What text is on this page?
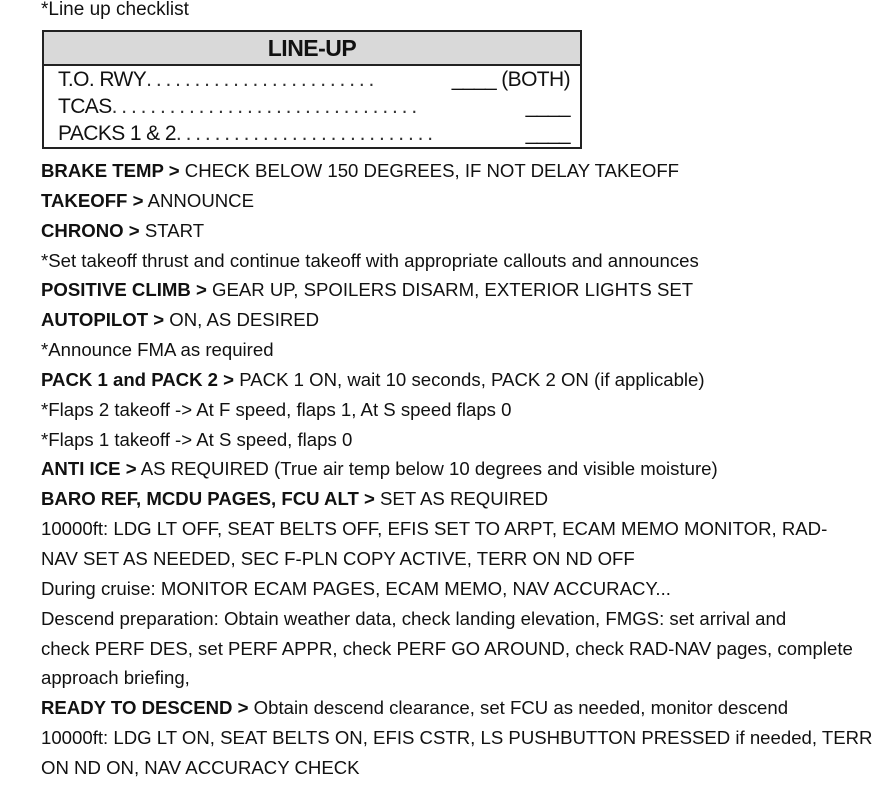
*Line up checklist
LINE-UP
T.O. RWY . . . . . . . . . . . . . . . . . . . . . . . .	____ (BOTH)
TCAS . . . . . . . . . . . . . . . . . . . . . . . . . . . . . . . .	____
PACKS 1 & 2 . . . . . . . . . . . . . . . . . . . . . . . . . . .	____
BRAKE TEMP > CHECK BELOW 150 DEGREES, IF NOT DELAY TAKEOFF
TAKEOFF > ANNOUNCE
CHRONO > START
*Set takeoff thrust and continue takeoff with appropriate callouts and announces
POSITIVE CLIMB > GEAR UP, SPOILERS DISARM, EXTERIOR LIGHTS SET
AUTOPILOT > ON, AS DESIRED
*Announce FMA as required
PACK 1 and PACK 2 > PACK 1 ON, wait 10 seconds, PACK 2 ON (if applicable)
*Flaps 2 takeoff -> At F speed, flaps 1, At S speed flaps 0
*Flaps 1 takeoff -> At S speed, flaps 0
ANTI ICE > AS REQUIRED (True air temp below 10 degrees and visible moisture)
BARO REF, MCDU PAGES, FCU ALT > SET AS REQUIRED
10000ft: LDG LT OFF, SEAT BELTS OFF, EFIS SET TO ARPT, ECAM MEMO MONITOR, RAD-
NAV SET AS NEEDED, SEC F-PLN COPY ACTIVE, TERR ON ND OFF
During cruise: MONITOR ECAM PAGES, ECAM MEMO, NAV ACCURACY...
Descend preparation: Obtain weather data, check landing elevation, FMGS: set arrival and
check PERF DES, set PERF APPR, check PERF GO AROUND, check RAD-NAV pages, complete
approach briefing,
READY TO DESCEND > Obtain descend clearance, set FCU as needed, monitor descend
10000ft: LDG LT ON, SEAT BELTS ON, EFIS CSTR, LS PUSHBUTTON PRESSED if needed, TERR
ON ND ON, NAV ACCURACY CHECK
